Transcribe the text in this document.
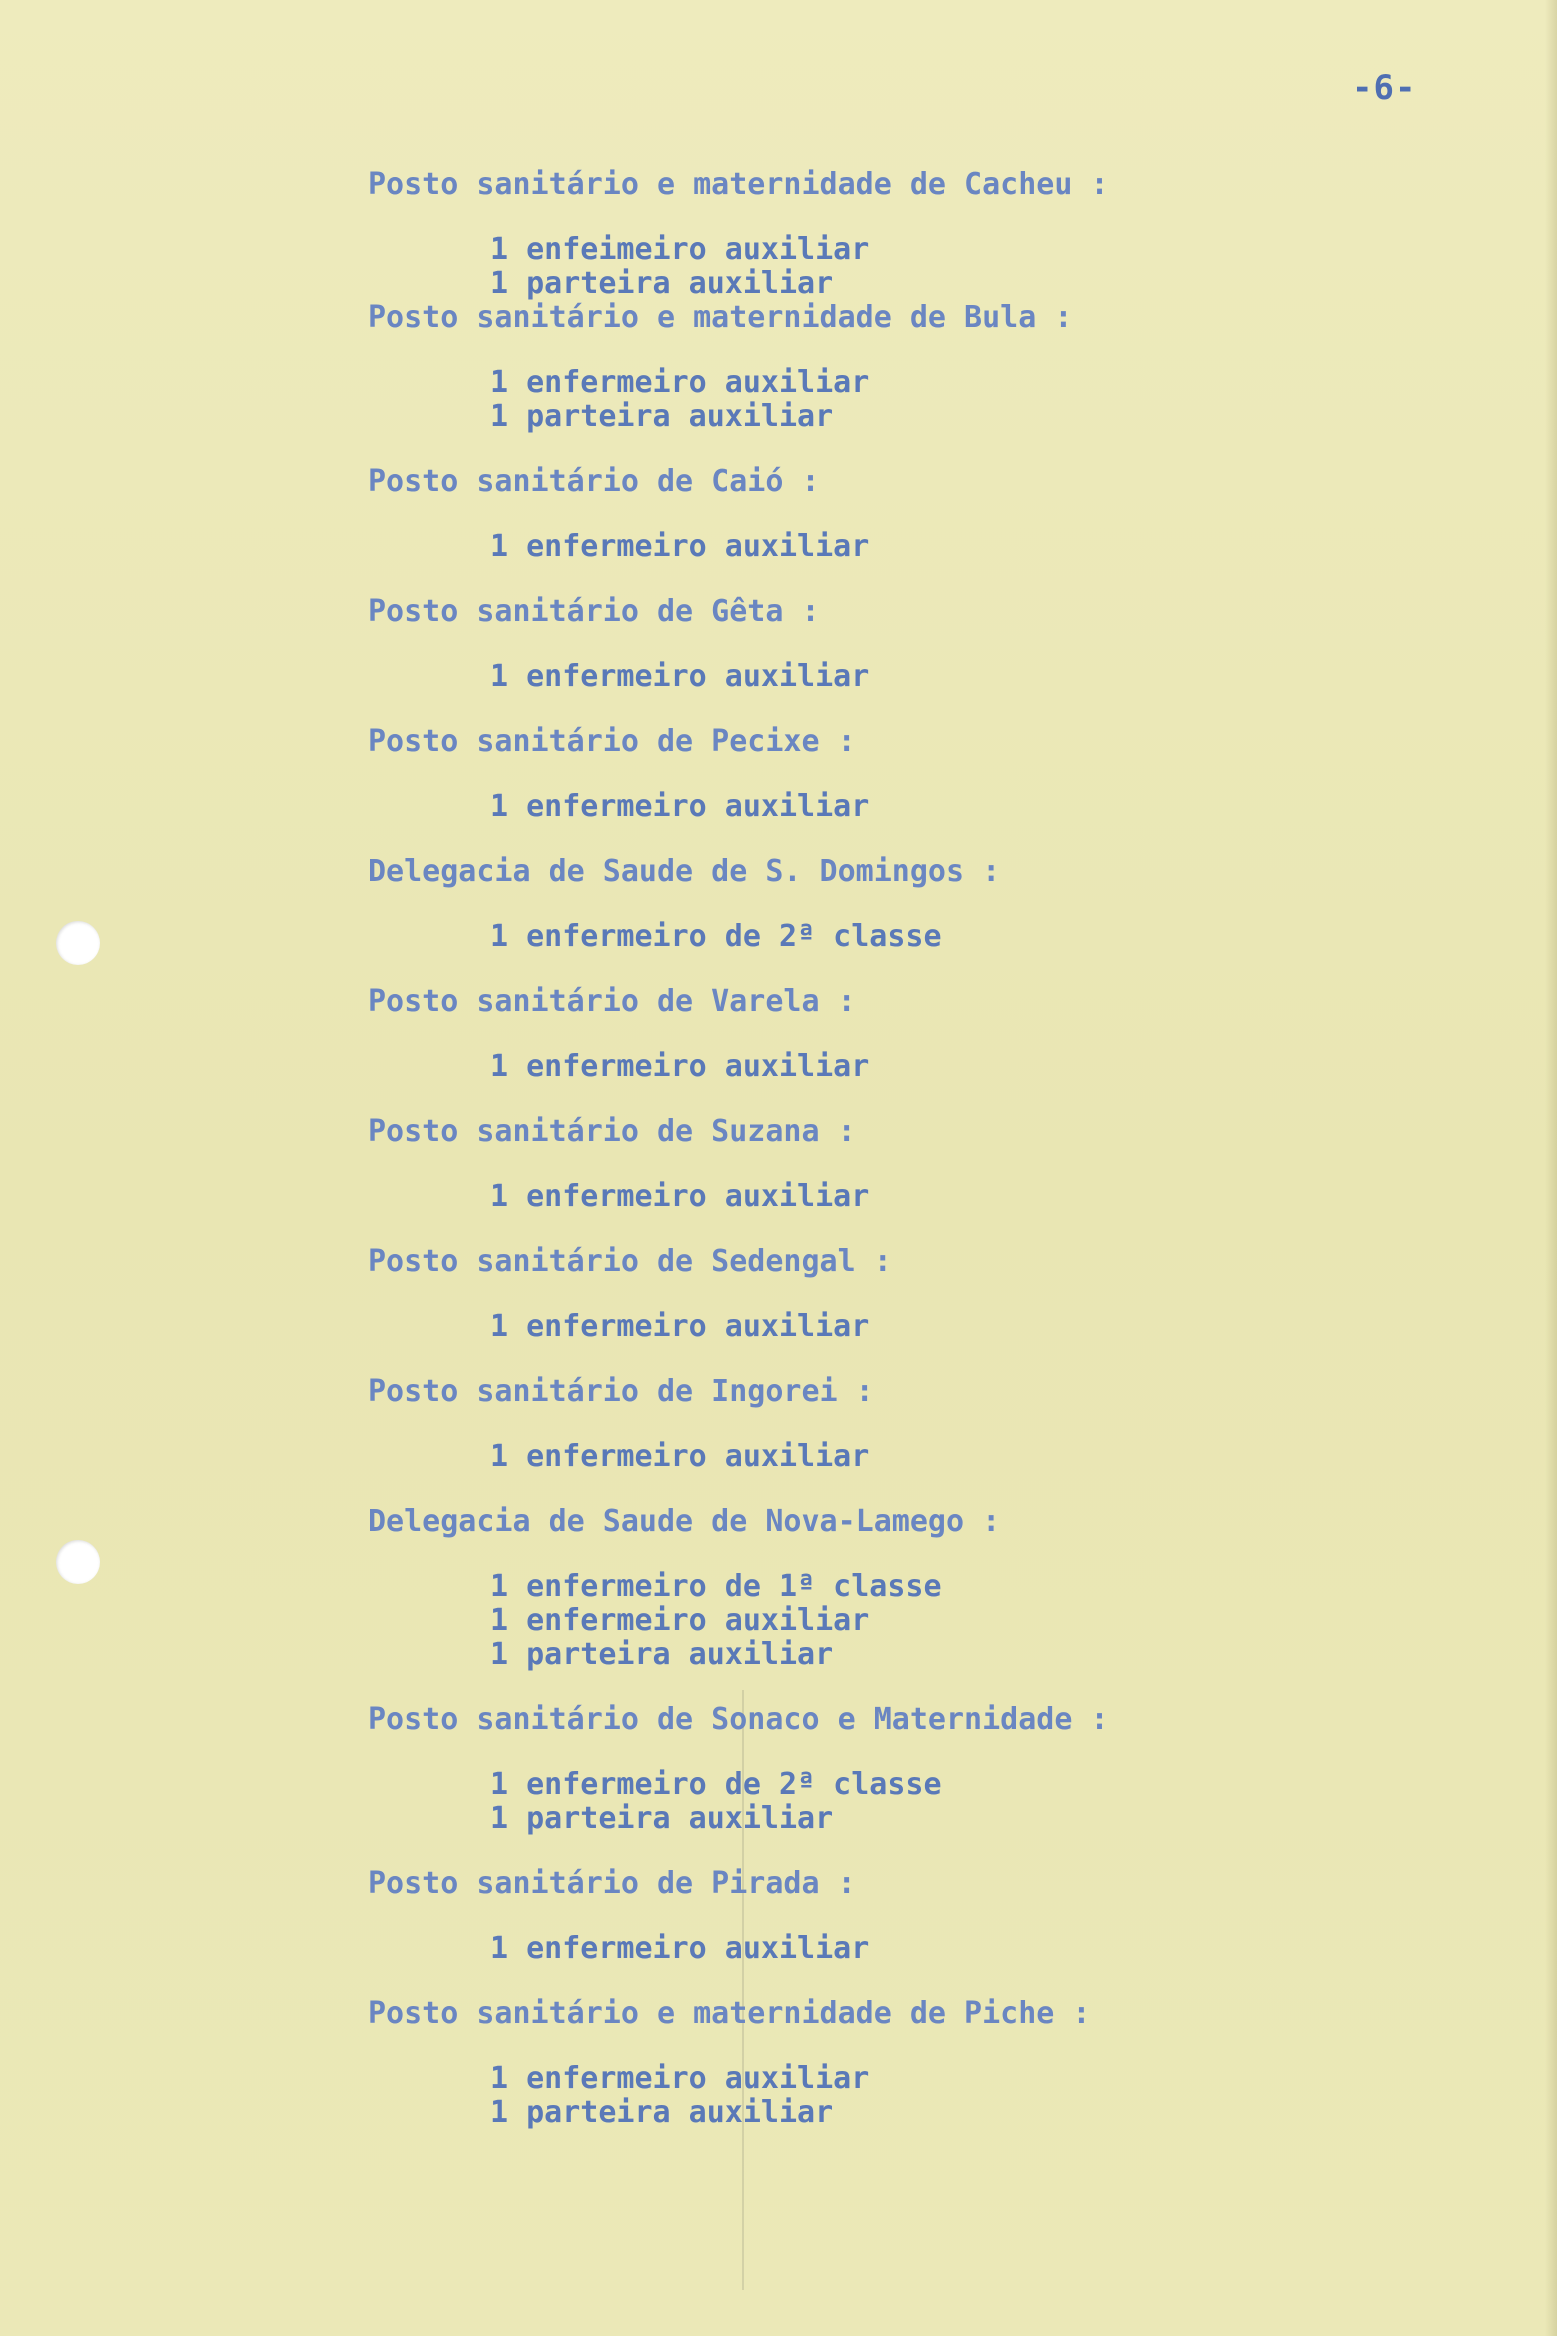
-6-
Posto sanitário e maternidade de Cacheu :
1 enfeimeiro auxiliar
1 parteira auxiliar
Posto sanitário e maternidade de Bula :
1 enfermeiro auxiliar
1 parteira auxiliar
Posto sanitário de Caió :
1 enfermeiro auxiliar
Posto sanitário de Gêta :
1 enfermeiro auxiliar
Posto sanitário de Pecixe :
1 enfermeiro auxiliar
Delegacia de Saude de S. Domingos :
1 enfermeiro de 2ª classe
Posto sanitário de Varela :
1 enfermeiro auxiliar
Posto sanitário de Suzana :
1 enfermeiro auxiliar
Posto sanitário de Sedengal :
1 enfermeiro auxiliar
Posto sanitário de Ingorei :
1 enfermeiro auxiliar
Delegacia de Saude de Nova-Lamego :
1 enfermeiro de 1ª classe
1 enfermeiro auxiliar
1 parteira auxiliar
Posto sanitário de Sonaco e Maternidade :
1 enfermeiro de 2ª classe
1 parteira auxiliar
Posto sanitário de Pirada :
1 enfermeiro auxiliar
Posto sanitário e maternidade de Piche :
1 enfermeiro auxiliar
1 parteira auxiliar
